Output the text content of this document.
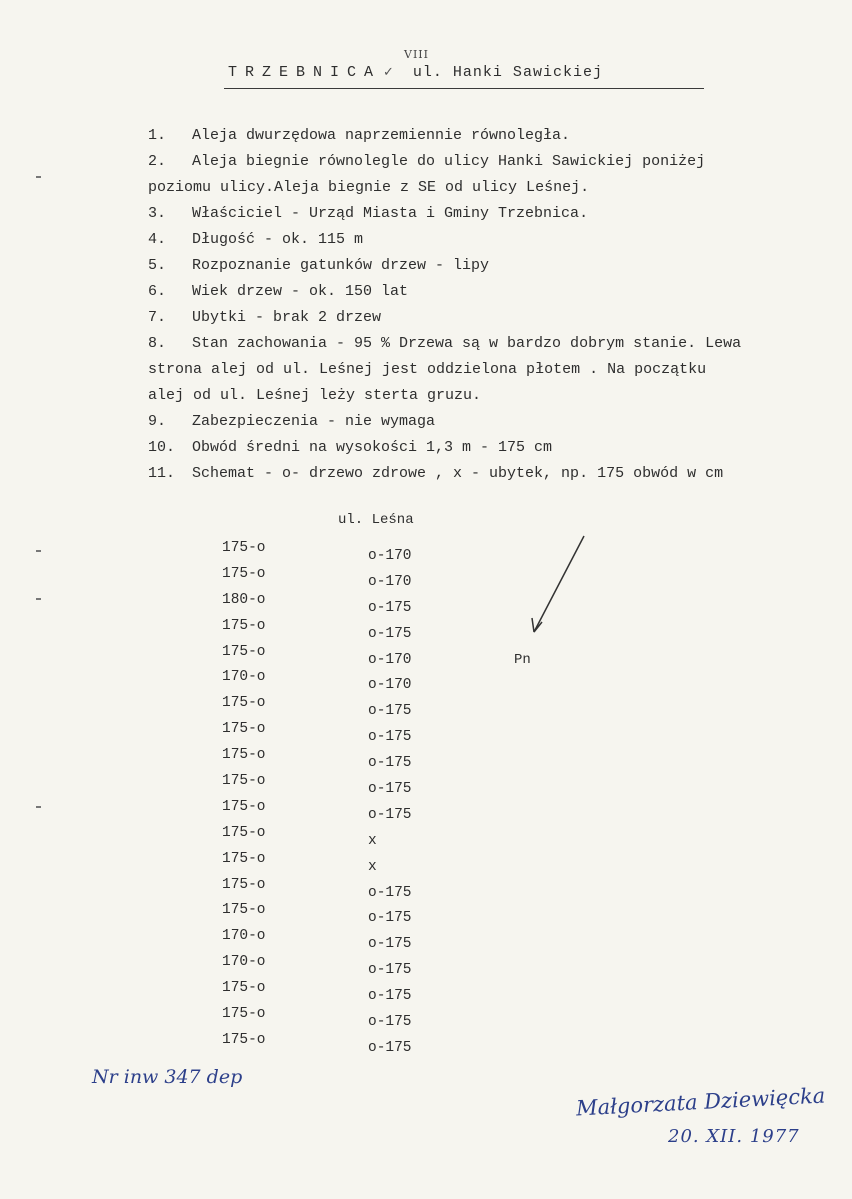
TRZEBNICA ✓
VIII
ul. Hanki Sawickiej
1. Aleja dwurzędowa naprzemiennie równoległa.
2. Aleja biegnie równolegle do ulicy Hanki Sawickiej poniżej
poziomu ulicy.Aleja biegnie z SE od ulicy Leśnej.
3. Właściciel - Urząd Miasta i Gminy Trzebnica.
4. Długość - ok. 115 m
5. Rozpoznanie gatunków drzew - lipy
6. Wiek drzew - ok. 150 lat
7. Ubytki - brak 2 drzew
8. Stan zachowania - 95 % Drzewa są w bardzo dobrym stanie. Lewa
strona alej od ul. Leśnej jest oddzielona płotem . Na początku
alej od ul. Leśnej leży sterta gruzu.
9. Zabezpieczenia - nie wymaga
10. Obwód średni na wysokości 1,3 m - 175 cm
11. Schemat - o- drzewo zdrowe , x - ubytek, np. 175 obwód w cm
ul. Leśna
175-o
175-o
180-o
175-o
175-o
170-o
175-o
175-o
175-o
175-o
175-o
175-o
175-o
175-o
175-o
170-o
170-o
175-o
175-o
175-o
o-170
o-170
o-175
o-175
o-170
o-170
o-175
o-175
o-175
o-175
o-175
x
x
o-175
o-175
o-175
o-175
o-175
o-175
o-175
Pn
Nr inw 347 dep
Małgorzata Dziewięcka
20. XII. 1977
